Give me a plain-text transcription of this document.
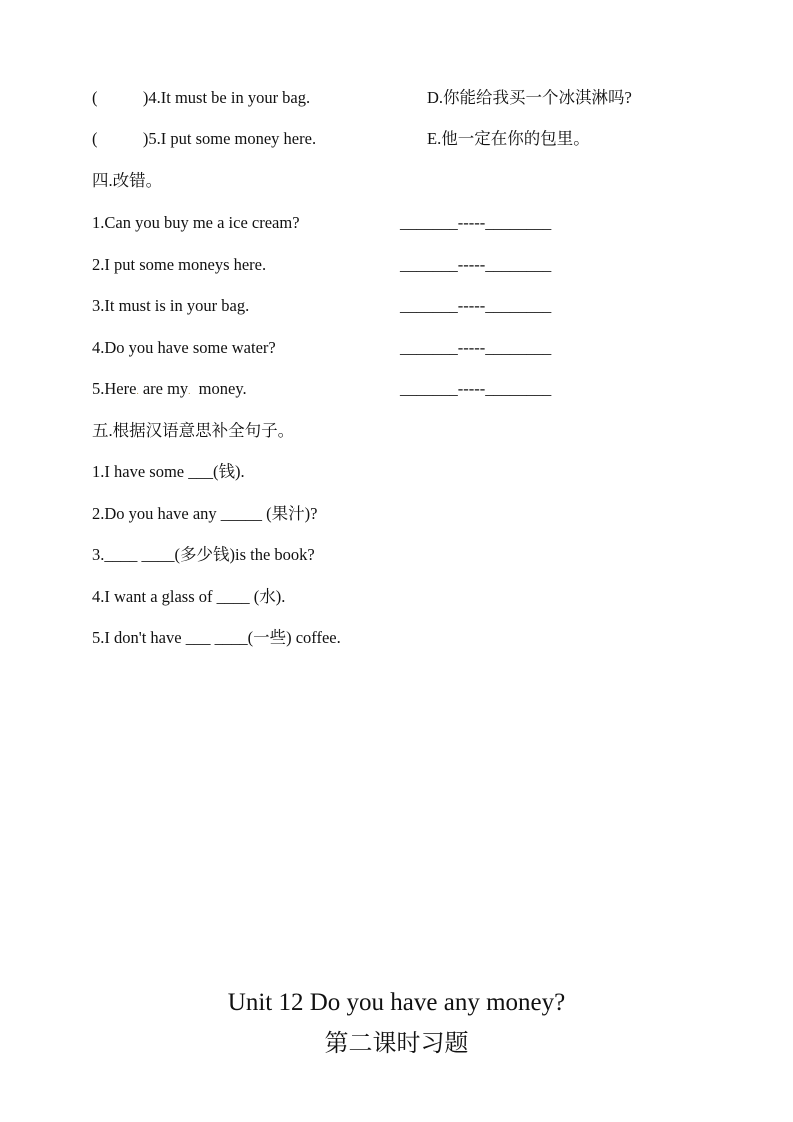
(           )4.It must be in your bag.	D.你能给我买一个冰淇淋吗?
(           )5.I put some money here.	E.他一定在你的包里。
四.改错。
1.Can you buy me a ice cream?	_______-----________
2.I put some moneys here.	_______-----________
3.It must is in your bag.	_______-----________
4.Do you have some water?	_______-----________
5.Here. are my. money.	_______-----________
五.根据汉语意思补全句子。
1.I have some ___(钱).
2.Do you have any _____ (果汁)?
3.____ ____(多少钱)is the book?
4.I want a glass of ____ (水).
5.I don't have ___ ____(一些) coffee.
Unit 12 Do you have any money?
第二课时习题
